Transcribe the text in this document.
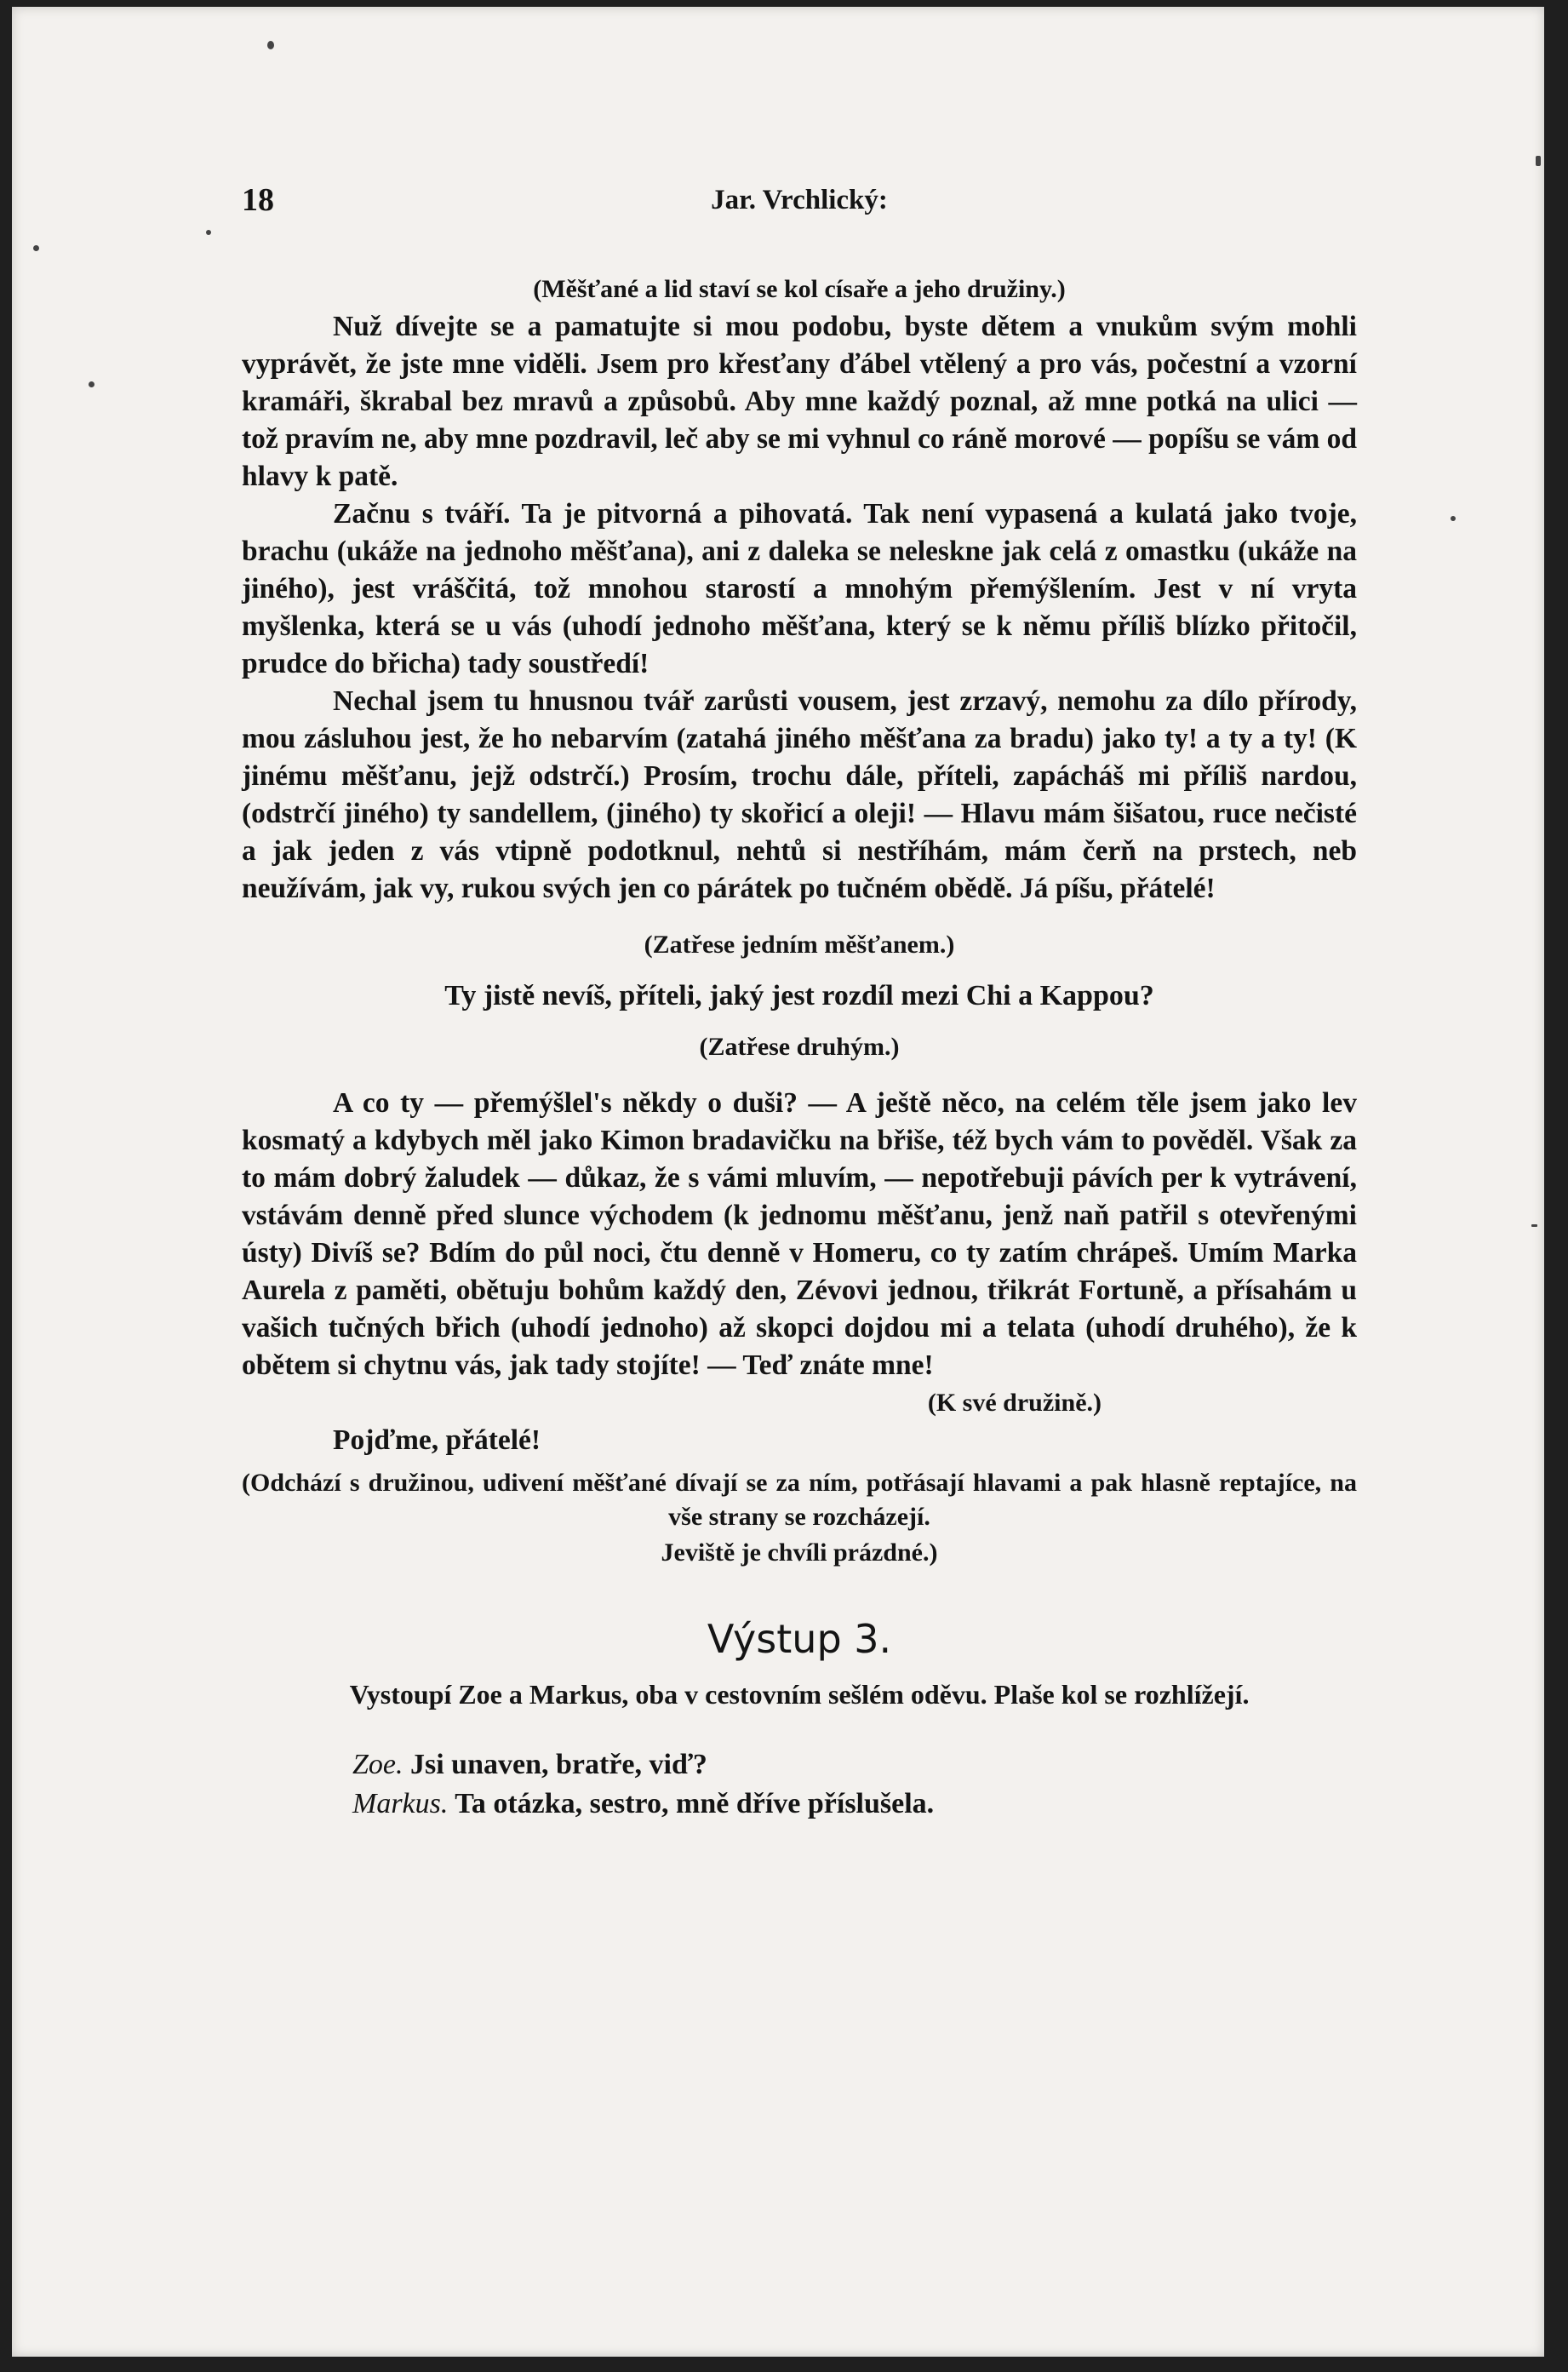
18	Jar. Vrchlický:

(Měšťané a lid staví se kol císaře a jeho družiny.)

Nuž dívejte se a pamatujte si mou podobu, byste dětem a vnukům svým mohli vyprávět, že jste mne viděli. Jsem pro křesťany ďábel vtělený a pro vás, počestní a vzorní kramáři, škrabal bez mravů a způsobů. Aby mne každý poznal, až mne potká na ulici — tož pravím ne, aby mne pozdravil, leč aby se mi vyhnul co ráně morové — popíšu se vám od hlavy k patě.

Začnu s tváří. Ta je pitvorná a pihovatá. Tak není vypasená a kulatá jako tvoje, brachu (ukáže na jednoho měšťana), ani z daleka se neleskne jak celá z omastku (ukáže na jiného), jest vráščitá, tož mnohou starostí a mnohým přemýšlením. Jest v ní vryta myšlenka, která se u vás (uhodí jednoho měšťana, který se k němu příliš blízko přitočil, prudce do břicha) tady soustředí!

Nechal jsem tu hnusnou tvář zarůsti vousem, jest zrzavý, nemohu za dílo přírody, mou zásluhou jest, že ho nebarvím (zatahá jiného měšťana za bradu) jako ty! a ty a ty! (K jinému měšťanu, jejž odstrčí.) Prosím, trochu dále, příteli, zapácháš mi příliš nardou, (odstrčí jiného) ty sandellem, (jiného) ty skořicí a oleji! — Hlavu mám šišatou, ruce nečisté a jak jeden z vás vtipně podotknul, nehtů si nestříhám, mám čerň na prstech, neb neužívám, jak vy, rukou svých jen co párátek po tučném obědě. Já píšu, přátelé!

(Zatřese jedním měšťanem.)

Ty jistě nevíš, příteli, jaký jest rozdíl mezi Chi a Kappou?

(Zatřese druhým.)

A co ty — přemýšlel's někdy o duši? — A ještě něco, na celém těle jsem jako lev kosmatý a kdybych měl jako Kimon bradavičku na břiše, též bych vám to pověděl. Však za to mám dobrý žaludek — důkaz, že s vámi mluvím, — nepotřebuji pávích per k vytrávení, vstávám denně před slunce východem (k jednomu měšťanu, jenž naň patřil s otevřenými ústy) Divíš se? Bdím do půl noci, čtu denně v Homeru, co ty zatím chrápeš. Umím Marka Aurela z paměti, obětuju bohům každý den, Zévovi jednou, třikrát Fortuně, a přísahám u vašich tučných břich (uhodí jednoho) až skopci dojdou mi a telata (uhodí druhého), že k obětem si chytnu vás, jak tady stojíte! — Teď znáte mne!

(K své družině.)

Pojďme, přátelé!

(Odchází s družinou, udivení měšťané dívají se za ním, potřásají hlavami a pak hlasně reptajíce, na vše strany se rozcházejí.

Jeviště je chvíli prázdné.)

Výstup 3.

Vystoupí Zoe a Markus, oba v cestovním sešlém oděvu. Plaše kol se rozhlížejí.

Zoe. Jsi unaven, bratře, viď?

Markus. Ta otázka, sestro, mně dříve příslušela.
